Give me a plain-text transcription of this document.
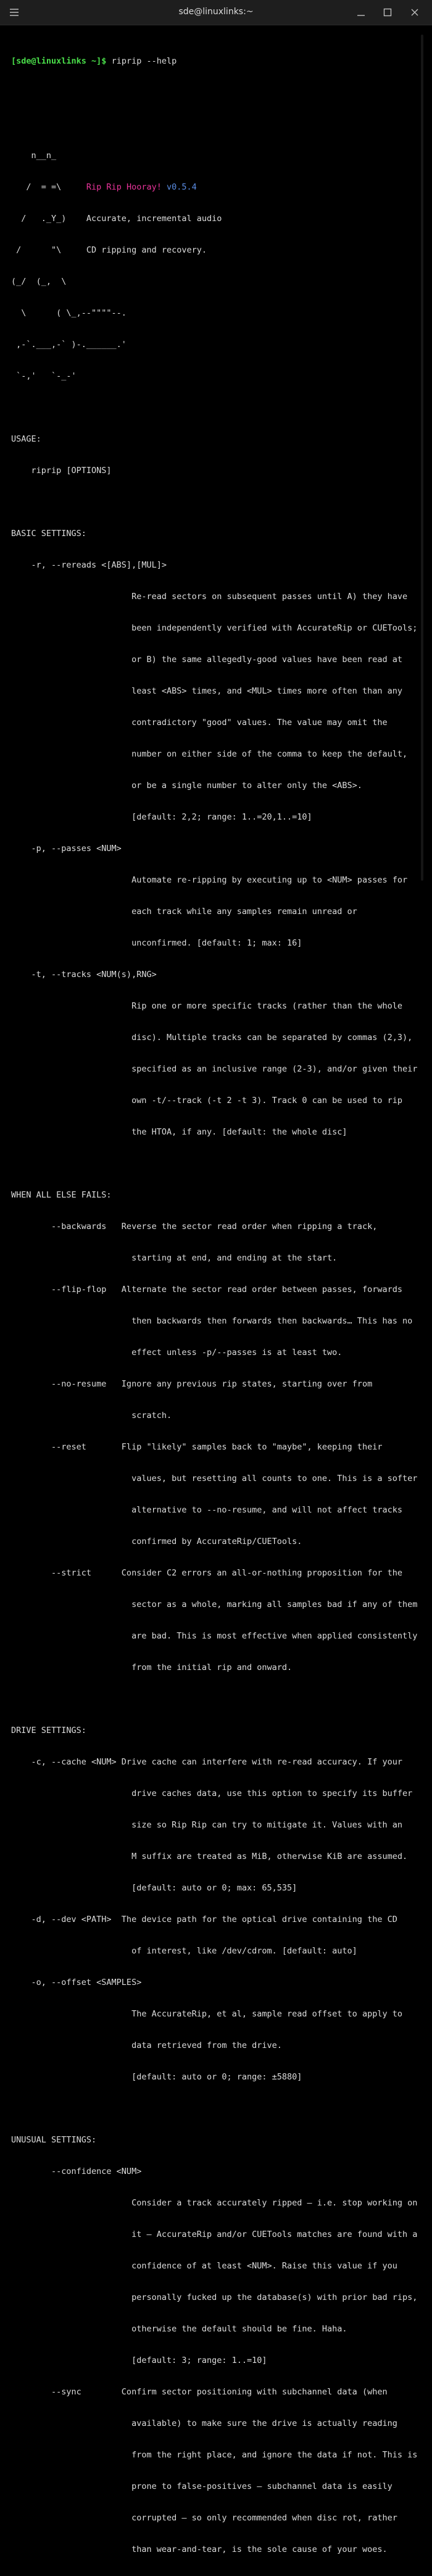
sde@linuxlinks:~

[sde@linuxlinks ~]$ riprip --help

n__n_

/  = =\     Rip Rip Hooray! v0.5.4

/   ._Y_)    Accurate, incremental audio

/      "\     CD ripping and recovery.

(_/  (_,  \

\      ( \_,--""""--.

,-`.___,-` )-.______.'

`-,'   `-_-'

USAGE:

riprip [OPTIONS]

BASIC SETTINGS:

-r, --rereads <[ABS],[MUL]>

Re-read sectors on subsequent passes until A) they have

been independently verified with AccurateRip or CUETools;

or B) the same allegedly-good values have been read at

least <ABS> times, and <MUL> times more often than any

contradictory "good" values. The value may omit the

number on either side of the comma to keep the default,

or be a single number to alter only the <ABS>.

[default: 2,2; range: 1..=20,1..=10]

-p, --passes <NUM>

Automate re-ripping by executing up to <NUM> passes for

each track while any samples remain unread or

unconfirmed. [default: 1; max: 16]

-t, --tracks <NUM(s),RNG>

Rip one or more specific tracks (rather than the whole

disc). Multiple tracks can be separated by commas (2,3),

specified as an inclusive range (2-3), and/or given their

own -t/--track (-t 2 -t 3). Track 0 can be used to rip

the HTOA, if any. [default: the whole disc]

WHEN ALL ELSE FAILS:

--backwards   Reverse the sector read order when ripping a track,

starting at end, and ending at the start.

--flip-flop   Alternate the sector read order between passes, forwards

then backwards then forwards then backwards… This has no

effect unless -p/--passes is at least two.

--no-resume   Ignore any previous rip states, starting over from

scratch.

--reset       Flip "likely" samples back to "maybe", keeping their

values, but resetting all counts to one. This is a softer

alternative to --no-resume, and will not affect tracks

confirmed by AccurateRip/CUETools.

--strict      Consider C2 errors an all-or-nothing proposition for the

sector as a whole, marking all samples bad if any of them

are bad. This is most effective when applied consistently

from the initial rip and onward.

DRIVE SETTINGS:

-c, --cache <NUM> Drive cache can interfere with re-read accuracy. If your

drive caches data, use this option to specify its buffer

size so Rip Rip can try to mitigate it. Values with an

M suffix are treated as MiB, otherwise KiB are assumed.

[default: auto or 0; max: 65,535]

-d, --dev <PATH>  The device path for the optical drive containing the CD

of interest, like /dev/cdrom. [default: auto]

-o, --offset <SAMPLES>

The AccurateRip, et al, sample read offset to apply to

data retrieved from the drive.

[default: auto or 0; range: ±5880]

UNUSUAL SETTINGS:

--confidence <NUM>

Consider a track accurately ripped — i.e. stop working on

it — AccurateRip and/or CUETools matches are found with a

confidence of at least <NUM>. Raise this value if you

personally fucked up the database(s) with prior bad rips,

otherwise the default should be fine. Haha.

[default: 3; range: 1..=10]

--sync        Confirm sector positioning with subchannel data (when

available) to make sure the drive is actually reading

from the right place, and ignore the data if not. This is

prone to false-positives — subchannel data is easily

corrupted — so only recommended when disc rot, rather

than wear-and-tear, is the sole cause of your woes.
